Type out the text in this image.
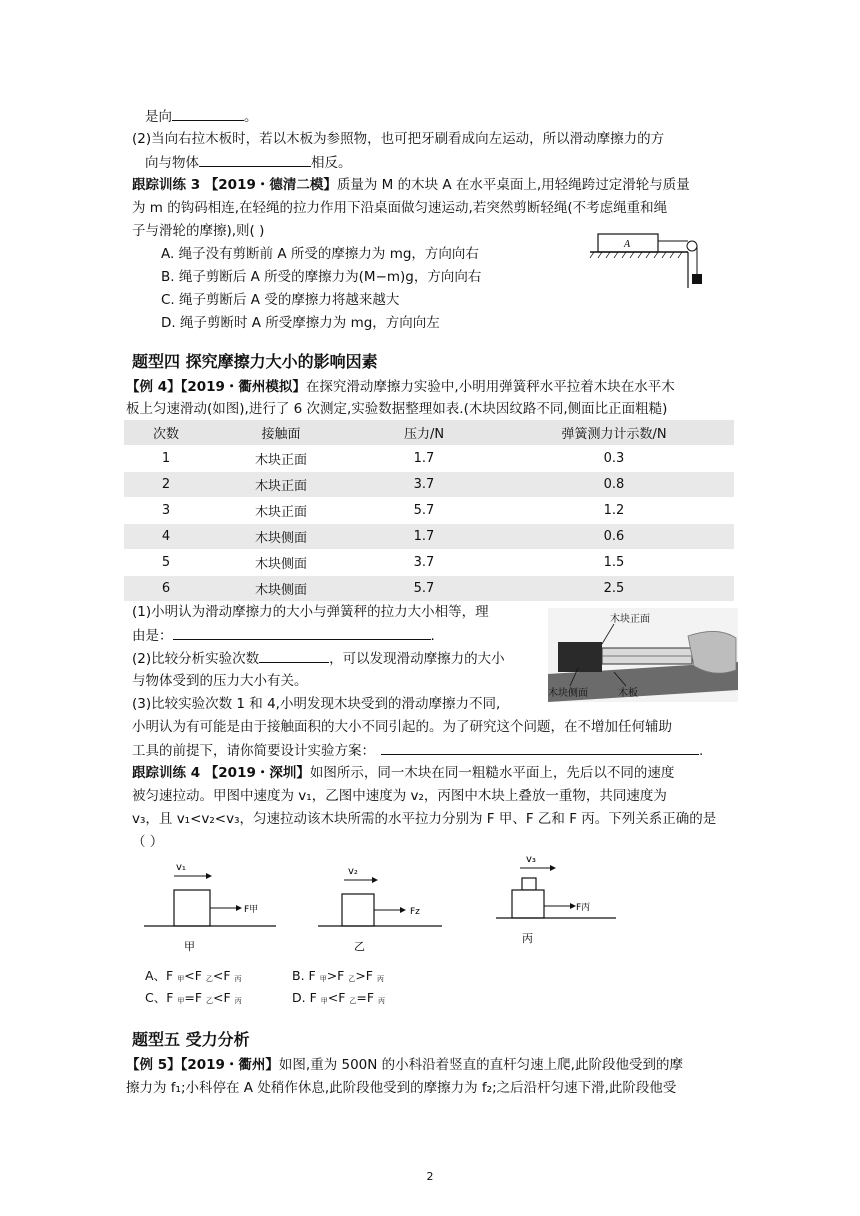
是向	。
(2)当向右拉木板时，若以木板为参照物，也可把牙刷看成向左运动，所以滑动摩擦力的方
向与物体	相反。
跟踪训练 3 【2019・德清二模】质量为 M 的木块 A 在水平桌面上,用轻绳跨过定滑轮与质量
为 m 的钩码相连,在轻绳的拉力作用下沿桌面做匀速运动,若突然剪断轻绳(不考虑绳重和绳
子与滑轮的摩擦),则( )
A. 绳子没有剪断前 A 所受的摩擦力为 mg，方向向右
B. 绳子剪断后 A 所受的摩擦力为(M−m)g，方向向右
C. 绳子剪断后 A 受的摩擦力将越来越大
D. 绳子剪断时 A 所受摩擦力为 mg，方向向左
A
题型四 探究摩擦力大小的影响因素
【例 4】【2019・衢州模拟】在探究滑动摩擦力实验中,小明用弹簧秤水平拉着木块在水平木
板上匀速滑动(如图),进行了 6 次测定,实验数据整理如表.(木块因纹路不同,侧面比正面粗糙)
次数	接触面	压力/N	弹簧测力计示数/N
1	木块正面	1.7	0.3
2	木块正面	3.7	0.8
3	木块正面	5.7	1.2
4	木块侧面	1.7	0.6
5	木块侧面	3.7	1.5
6	木块侧面	5.7	2.5
(1)小明认为滑动摩擦力的大小与弹簧秤的拉力大小相等，理
由是：	.
(2)比较分析实验次数	，可以发现滑动摩擦力的大小
与物体受到的压力大小有关。
(3)比较实验次数 1 和 4,小明发现木块受到的滑动摩擦力不同,
小明认为有可能是由于接触面积的大小不同引起的。为了研究这个问题，在不增加任何辅助
工具的前提下，请你简要设计实验方案：	.
木块正面
木块侧面	木板
跟踪训练 4 【2019・深圳】如图所示，同一木块在同一粗糙水平面上，先后以不同的速度
被匀速拉动。甲图中速度为 v₁，乙图中速度为 v₂，丙图中木块上叠放一重物，共同速度为
v₃，且 v₁<v₂<v₃，匀速拉动该木块所需的水平拉力分别为 F 甲、F 乙和 F 丙。下列关系正确的是
（ ）
v₁
F甲
甲
v₂
Fz
乙
v₃
F丙
丙
A、F 甲<F 乙<F 丙	B. F 甲>F 乙>F 丙
C、F 甲=F 乙<F 丙	D. F 甲<F 乙=F 丙
题型五 受力分析
【例 5】【2019・衢州】如图,重为 500N 的小科沿着竖直的直杆匀速上爬,此阶段他受到的摩
擦力为 f₁;小科停在 A 处稍作休息,此阶段他受到的摩擦力为 f₂;之后沿杆匀速下滑,此阶段他受
2
